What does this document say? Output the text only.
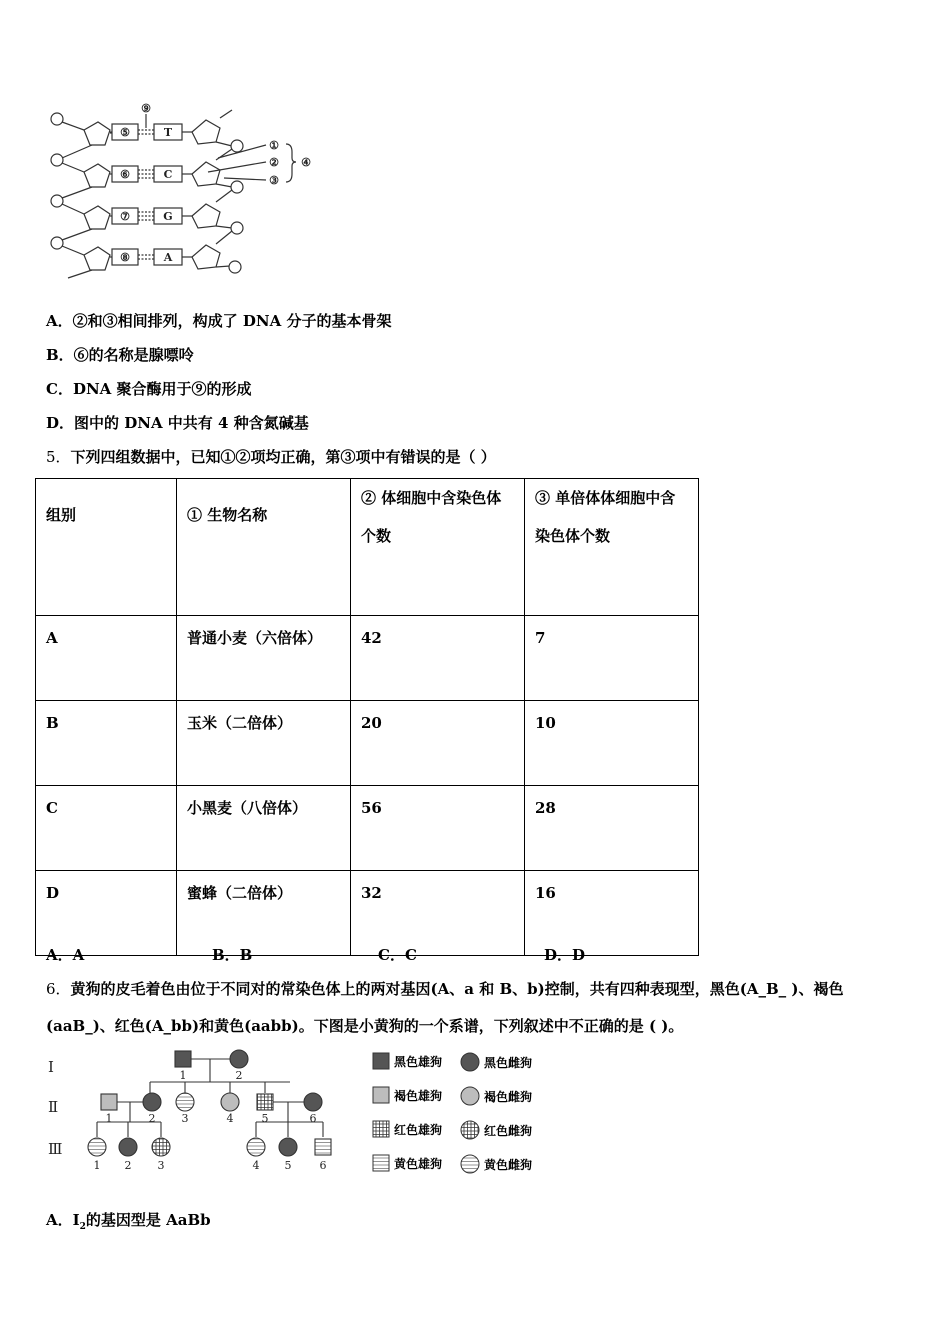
⑤
⑥
⑦
⑧
T
C
G
A
⑨
①
②
③
④
A．②和③相间排列，构成了 DNA 分子的基本骨架
B．⑥的名称是腺嘌呤
C．DNA 聚合酶用于⑨的形成
D．图中的 DNA 中共有 4 种含氮碱基
5．下列四组数据中，已知①②项均正确，第③项中有错误的是（ ）
组别	① 生物名称	② 体细胞中含染色体个数	③ 单倍体体细胞中含染色体个数
A	普通小麦（六倍体）	42	7
B	玉米（二倍体）	20	10
C	小黑麦（八倍体）	56	28
D	蜜蜂（二倍体）	32	16
A．A	B．B	C．C	D．D
6．黄狗的皮毛着色由位于不同对的常染色体上的两对基因(A、a 和 B、b)控制，共有四种表现型，黑色(A_B_ )、褐色
(aaB_)、红色(A_bb)和黄色(aabb)。下图是小黄狗的一个系谱，下列叙述中不正确的是 ( )。
Ⅰ
Ⅱ
Ⅲ
1	2
1	2 3	4	5	6
1 2 3	4 5	6
黑色雄狗	黑色雌狗
褐色雄狗	褐色雌狗
红色雄狗	红色雌狗
黄色雄狗	黄色雌狗
A．$Ⅰ_2$的基因型是 AaBb
